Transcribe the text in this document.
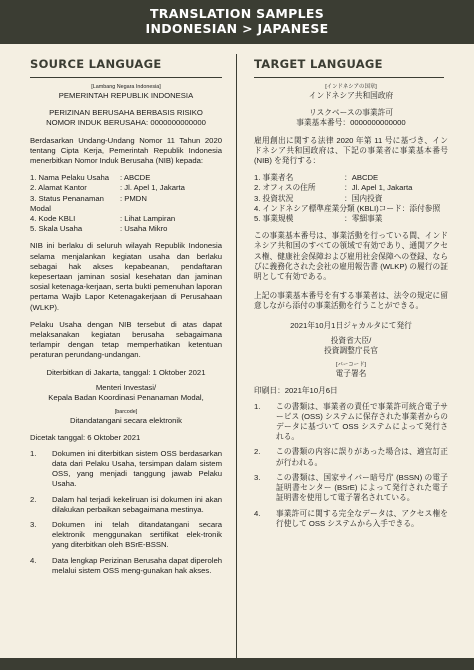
TRANSLATION SAMPLES
INDONESIAN > JAPANESE
SOURCE LANGUAGE
[Lambang Negara Indonesia]
PEMERINTAH REPUBLIK INDONESIA
PERIZINAN BERUSAHA BERBASIS RISIKO
NOMOR INDUK BERUSAHA: 0000000000000
Berdasarkan Undang-Undang Nomor 11 Tahun 2020 tentang Cipta Kerja, Pemerintah Republik Indonesia menerbitkan Nomor Induk Berusaha (NIB) kepada:
1. Nama Pelaku Usaha	: ABCDE
2. Alamat Kantor	: Jl. Apel 1, Jakarta
3. Status Penanaman Modal
: PMDN
4. Kode KBLI	: Lihat Lampiran
5. Skala Usaha	: Usaha Mikro
NIB ini berlaku di seluruh wilayah Republik Indonesia selama menjalankan kegiatan usaha dan berlaku sebagai hak akses kepabeanan, pendaftaran kepesertaan jaminan sosial kesehatan dan jaminan sosial ketenaga-kerjaan, serta bukti pemenuhan laporan pertama Wajib Lapor Ketenagakerjaan di Perusahaan (WLKP).
Pelaku Usaha dengan NIB tersebut di atas dapat melaksanakan kegiatan berusaha sebagaimana terlampir dengan tetap memperhatikan ketentuan peraturan perundang-undangan.
Diterbitkan di Jakarta, tanggal: 1 Oktober 2021
Menteri Investasi/
Kepala Badan Koordinasi Penanaman Modal,
[barcode]
Ditandatangani secara elektronik
Dicetak tanggal: 6 Oktober 2021
1.	Dokumen ini diterbitkan sistem OSS berdasarkan data dari Pelaku Usaha, tersimpan dalam sistem OSS, yang menjadi tanggung jawab Pelaku Usaha.
2.	Dalam hal terjadi kekeliruan isi dokumen ini akan dilakukan perbaikan sebagaimana mestinya.
3.	Dokumen ini telah ditandatangani secara elektronik menggunakan sertifikat elek-tronik yang diterbitkan oleh BSrE-BSSN.
4.	Data lengkap Perizinan Berusaha dapat diperoleh melalui sistem OSS meng-gunakan hak akses.
TARGET LANGUAGE
[インドネシアの国章]
インドネシア共和国政府
リスクベースの事業許可
事業基本番号：0000000000000
雇用創出に関する法律 2020 年第 11 号に基づき、インドネシア共和国政府は、下記の事業者に事業基本番号 (NIB) を発行する：
1. 事業者名	：ABCDE
2. オフィスの住所	：Jl. Apel 1, Jakarta
3. 投資状況	：国内投資
4. インドネシア標準産業分類 (KBLI)コード：添付参照
5. 事業規模	：零細事業
この事業基本番号は、事業活動を行っている間、インドネシア共和国のすべての領域で有効であり、通関アクセス権、健康社会保障および雇用社会保障への登録、ならびに義務化された会社の雇用報告書 (WLKP) の履行の証明として有効である。
上記の事業基本番号を有する事業者は、法令の規定に留意しながら添付の事業活動を行うことができる。
2021年10月1日ジャカルタにて発行
投資省大臣/
投資調整庁長官
[バーコード]
電子署名
印刷日：2021年10月6日
1.	この書類は、事業者の責任で事業許可統合電子サービス (OSS) システムに保存された事業者からのデータに基づいて OSS システムによって発行される。
2.	この書類の内容に誤りがあった場合は、適宜訂正が行われる。
3.	この書類は、国家サイバー暗号庁 (BSSN) の電子証明書センター (BSrE) によって発行された電子証明書を使用して電子署名されている。
4.	事業許可に関する完全なデータは、アクセス権を行使して OSS システムから入手できる。
